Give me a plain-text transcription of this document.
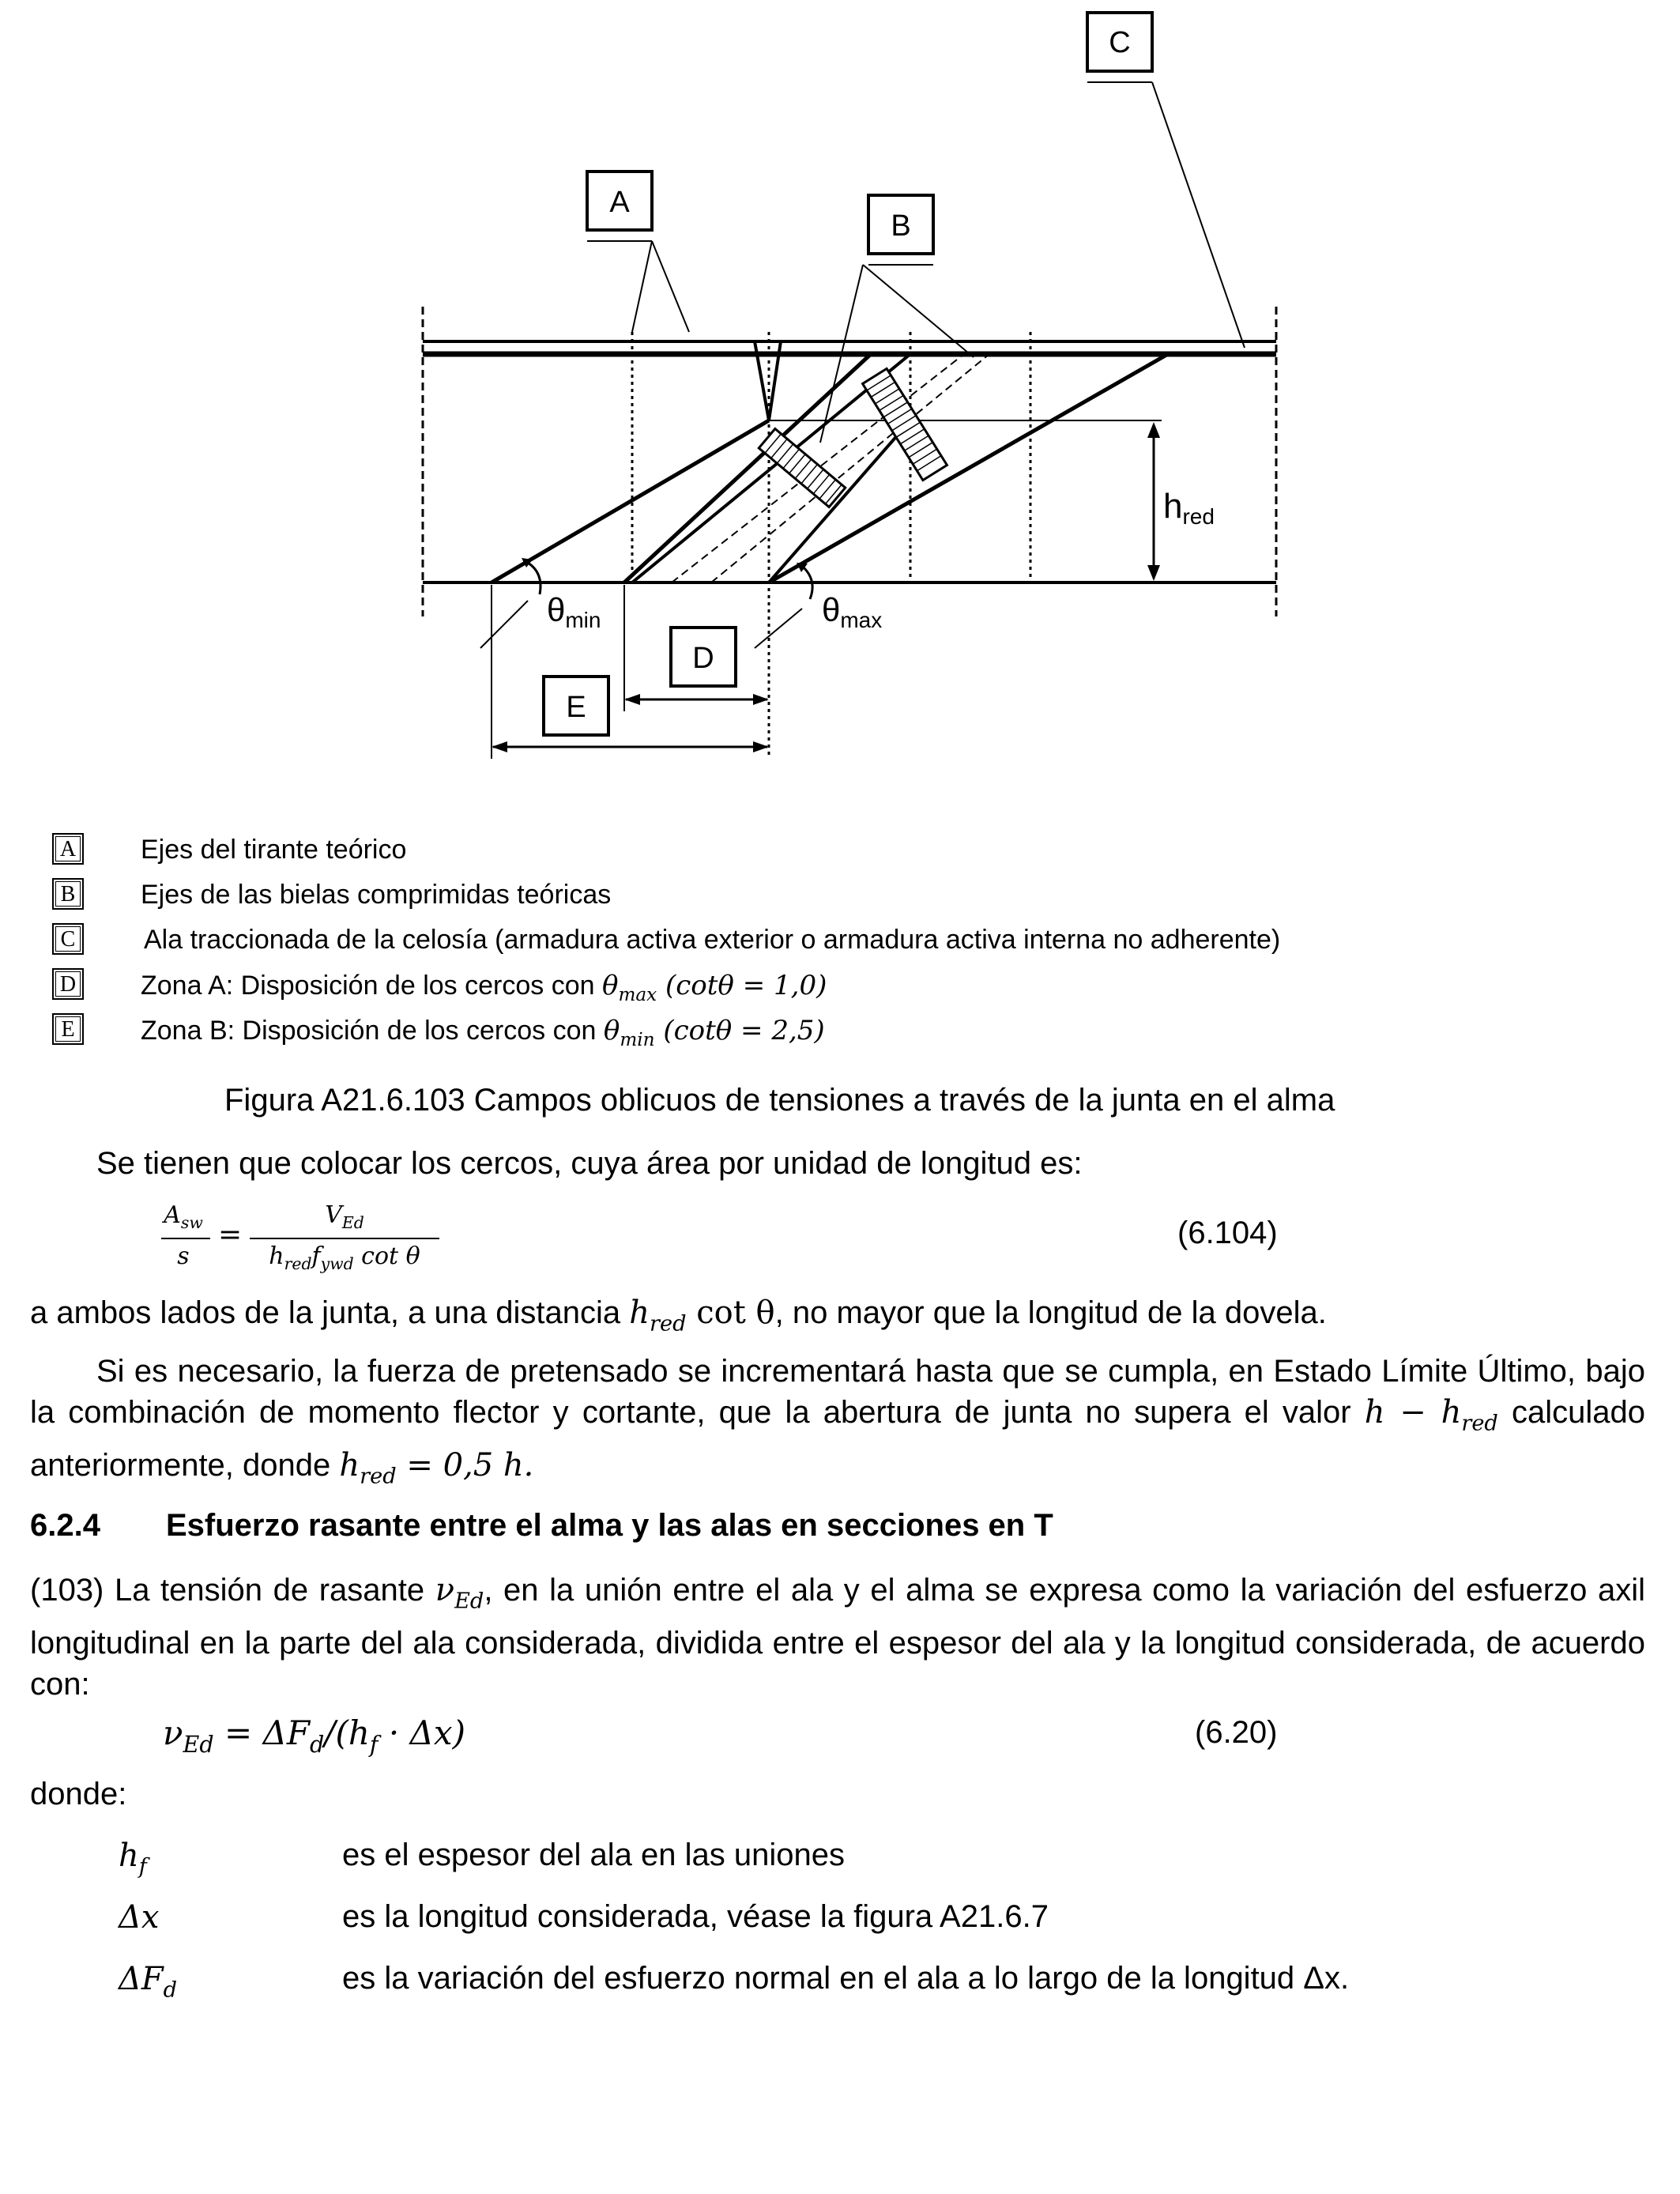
hred
θmin	θmax
A
B
C
D
E
A Ejes del tirante teórico
B Ejes de las bielas comprimidas teóricas
C	Ala traccionada de la celosía (armadura activa exterior o armadura activa interna no adherente)
D Zona A: Disposición de los cercos con $\theta_{max}$ (cotθ = 1,0)
E Zona B: Disposición de los cercos con $\theta_{min}$ (cotθ = 2,5)
Figura A21.6.103 Campos oblicuos de tensiones a través de la junta en el alma
Se tienen que colocar los cercos, cuya área por unidad de longitud es:
$A_{sw}$
s
=
$V_{Ed}$
$h_{red}f_{ywd}$ cot θ
(6.104)
a ambos lados de la junta, a una distancia $h_{red}$ cot θ, no mayor que la longitud de la dovela.
Si es necesario, la fuerza de pretensado se incrementará hasta que se cumpla, en Estado Límite Último, bajo la combinación de momento flector y cortante, que la abertura de junta no supera el valor $h - h_{red}$ calculado anteriormente, donde $h_{red} = 0,5$ h.
6.2.4 Esfuerzo rasante entre el alma y las alas en secciones en T
(103) La tensión de rasante $\nu_{Ed}$, en la unión entre el ala y el alma se expresa como la variación del esfuerzo axil longitudinal en la parte del ala considerada, dividida entre el espesor del ala y la longitud considerada, de acuerdo con:
$\nu_{Ed} = \Delta F_d/(h_f \cdot \Delta x)$	(6.20)
donde:
$h_f$	es el espesor del ala en las uniones
Δx	es la longitud considerada, véase la figura A21.6.7
$\Delta F_d$	es la variación del esfuerzo normal en el ala a lo largo de la longitud Δx.
